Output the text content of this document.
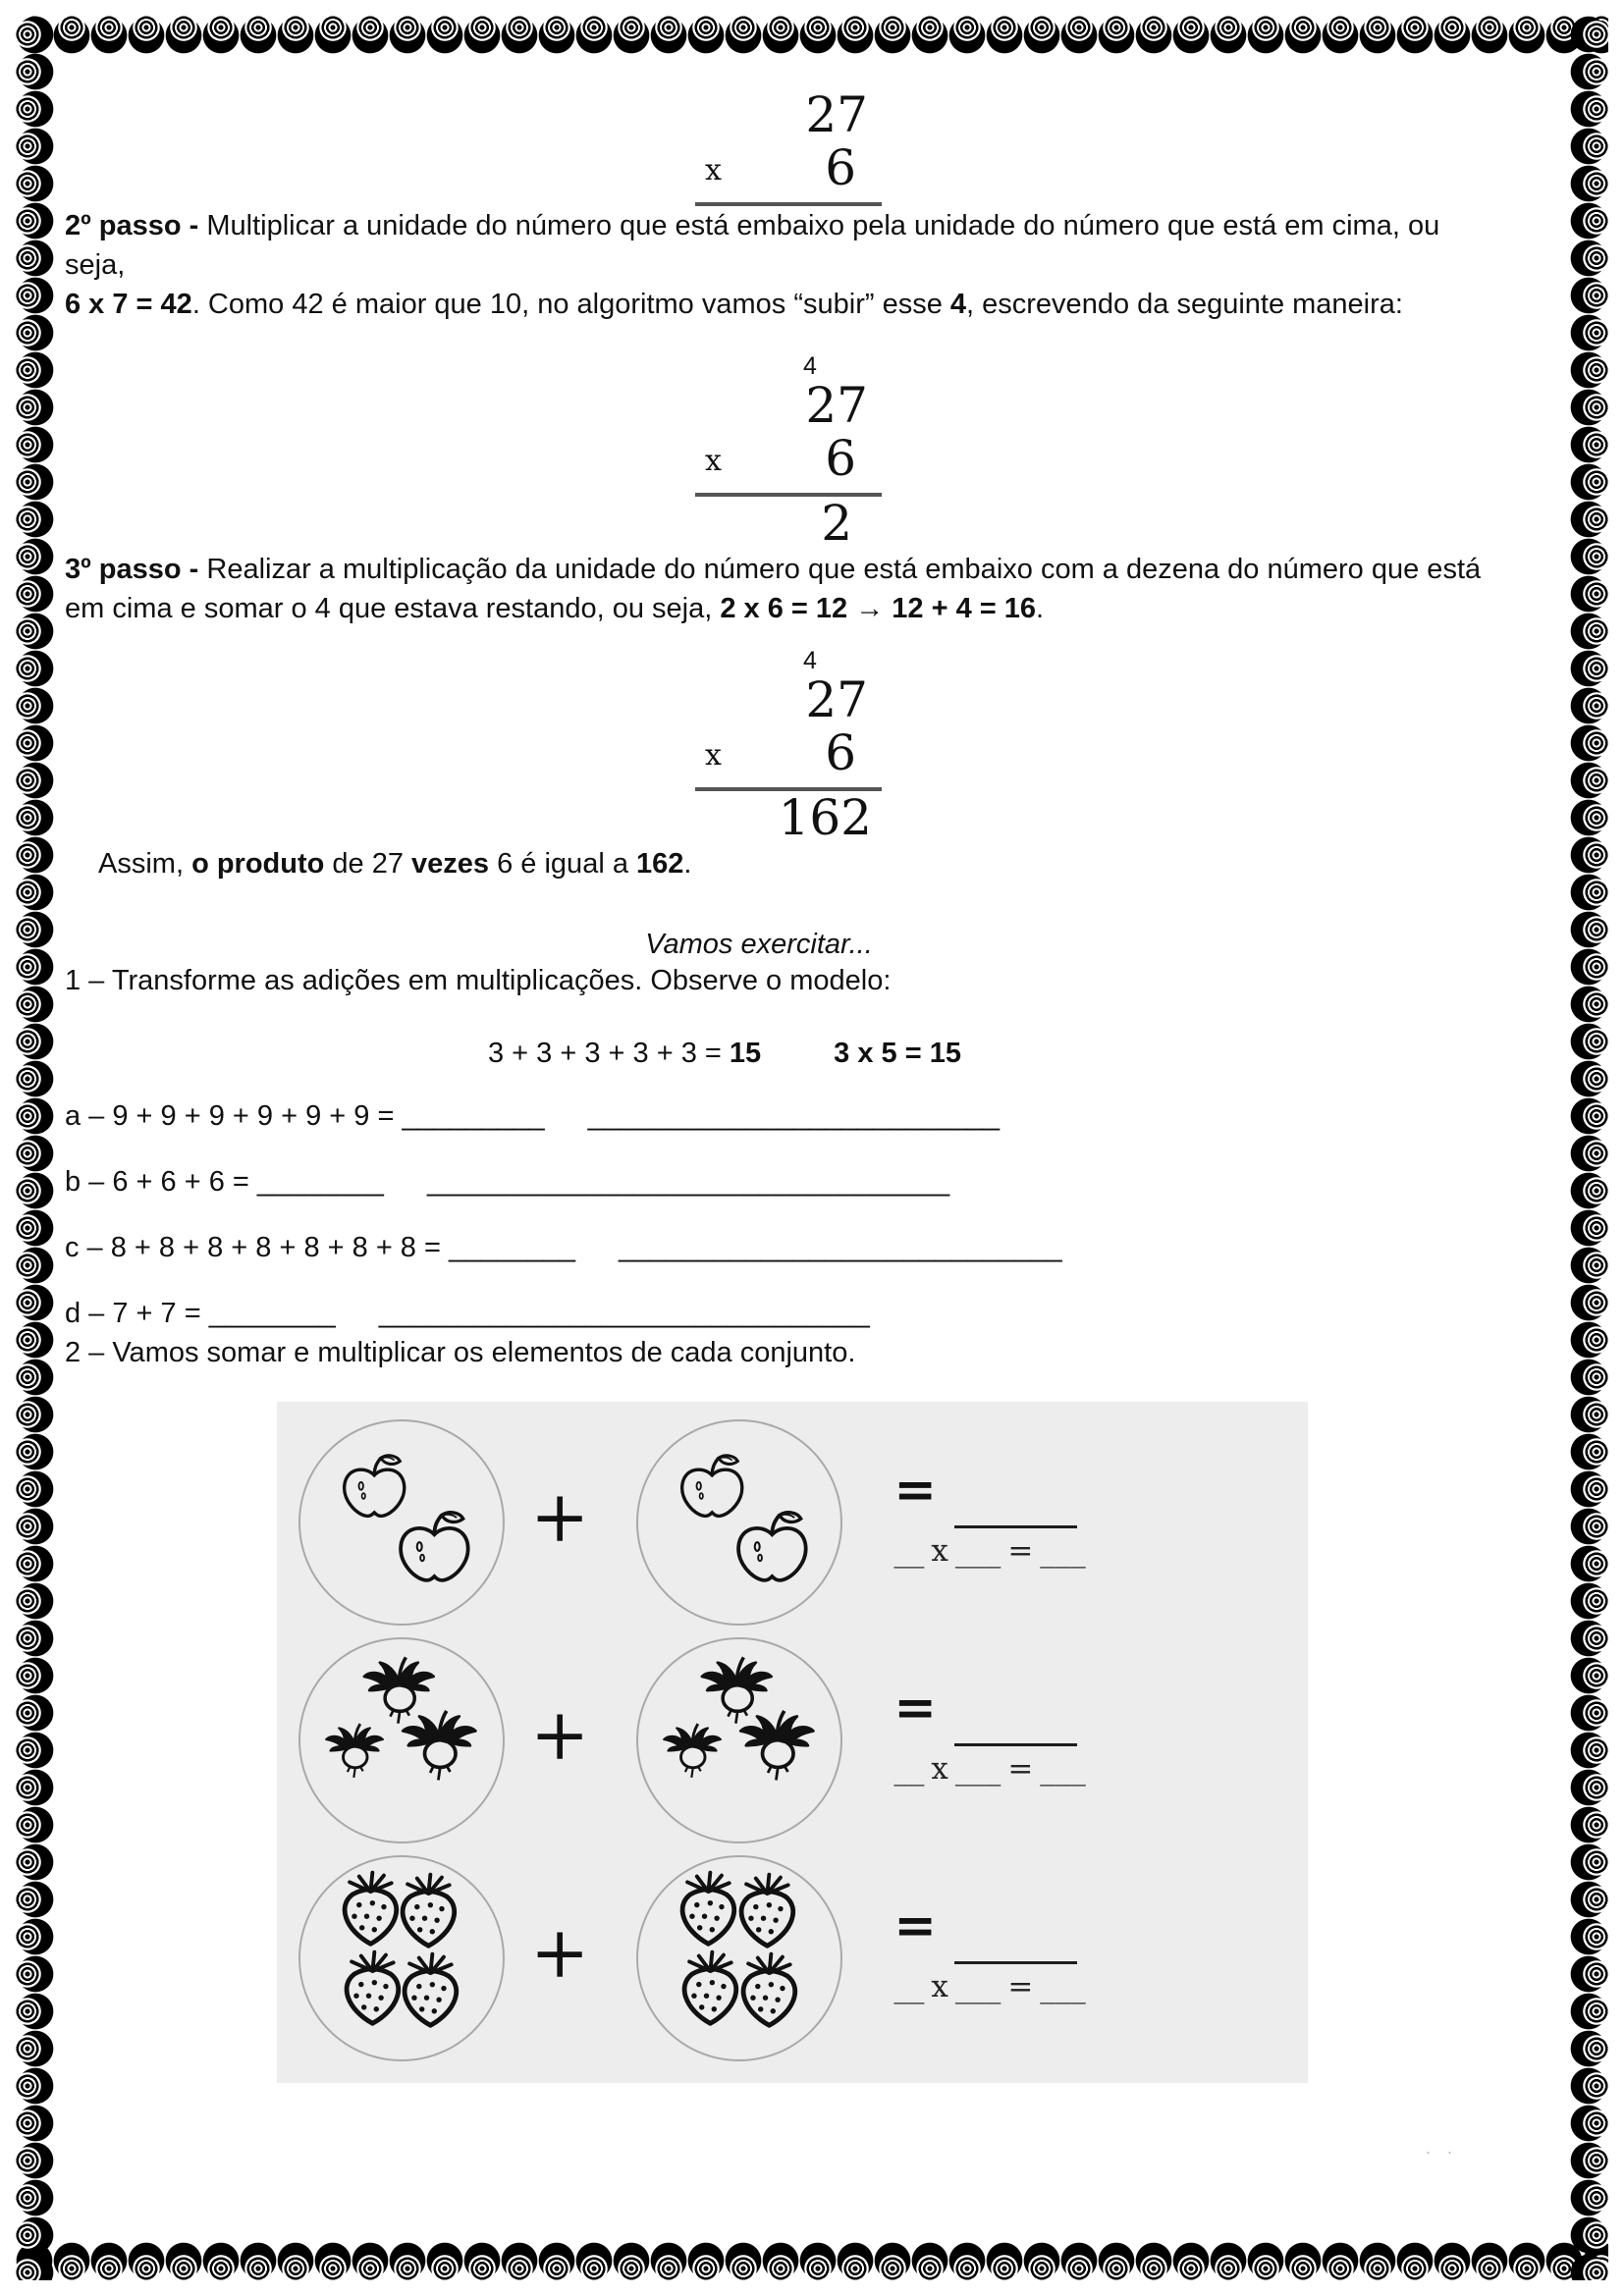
27
x 6

2º passo - Multiplicar a unidade do número que está embaixo pela unidade do número que está em cima, ou
seja,
6 x 7 = 42. Como 42 é maior que 10, no algoritmo vamos “subir” esse 4, escrevendo da seguinte maneira:

4
27
x 6
2

3º passo - Realizar a multiplicação da unidade do número que está embaixo com a dezena do número que está
em cima e somar o 4 que estava restando, ou seja, 2 x 6 = 12 → 12 + 4 = 16.

4
27
x 6
162

Assim, o produto de 27 vezes 6 é igual a 162.

Vamos exercitar...

1 – Transforme as adições em multiplicações. Observe o modelo:

3 + 3 + 3 + 3 + 3 = 15	3 x 5 = 15
a – 9 + 9 + 9 + 9 + 9 + 9 = _________ __________________________
b – 6 + 6 + 6 = ________ _________________________________
c – 8 + 8 + 8 + 8 + 8 + 8 + 8 = ________ ____________________________
d – 7 + 7 = ________ _______________________________

2 – Vamos somar e multiplicar os elementos de cada conjunto.

+	=
__ x ___ = ___
+	=
__ x ___ = ___
+	=
__ x ___ = ___
. .
